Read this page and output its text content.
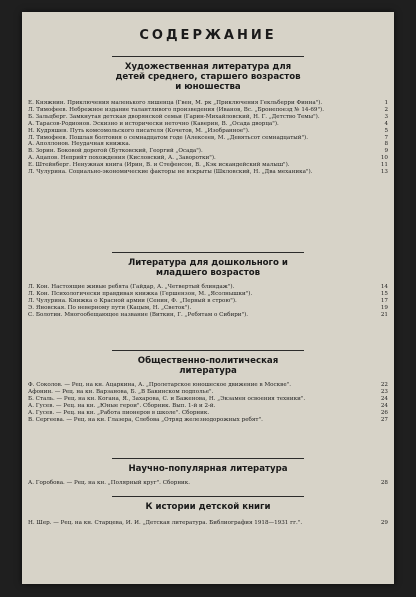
СОДЕРЖАНИЕ
Художественная литература для
детей среднего, старшего возрастов
и юношества
Е. Княжнин. Приключения маленького лишенца (Гвен, М. рк „Приключения Гекльберри Финна").	1
Л. Тимофеев. Небрежное издание талантливого произведения (Иванов, Вс. „Бронепоезд № 14-69").	2
Б. Зальцберг. Замкнутая детская дворянской семьи (Гарин-Михайловский, Н. Г. „Детство Темы").	3
А. Тарасов-Родионов. Эскизно и исторически неточно (Каверин, В. „Осада дворца").	4
Н. Кудряшев. Путь комсомольского писателя (Кочетов, М. „Изобранное").	5
Л. Тимофеев. Пошлая болтовня о семнадцатом годе (Алексеев, М. „Девятьсот семнадцатый").	7
А. Аполлонов. Неудачная книжка.	8
В. Зорин. Боковой дорогой (Бутковский, Георгий „Осада").	9
А. Ацапов. Неприйт похождения (Кисловский, А. „Заворотки").	10
Е. Штейнберг. Ненужная книга (Ирин, В. и Стефенсон, В. „Кэк искандейский малыш").	11
Л. Чулурина. Социально-экономические факторы не вскрыты (Шкловский, Н. „Два механика").	13
Литература для дошкольного и
младшего возрастов
Л. Кон. Настоящие живые ребята (Гайдар, А. „Четвертый блиндаж").	14
Л. Кон. Психологически правдивая книжка (Гершензон, М. „Ясолнышки").	15
Л. Чулурина. Книжка о Красной армии (Сенин, Ф. „Первый в строю").	17
Э. Яновская. По неверному пути (Кацым, Н. „Светок").	19
С. Болотин. Многообещающее название (Виткин, Г. „Ребятам о Сибири").	21
Общественно-политическая
литература
Ф. Соколов. — Рец. на кн. Ацаркина, А. „Пролетарское юношеское движение в Москве".	22
Афонин. — Рец. на кн. Варзанова, Б. „В Бакинском подполье".	23
Б. Сталь. — Рец. на кн. Когана, Я., Захарова, С. и Баженова, Н. „Экзамен освоения техники".	24
А. Гусев. — Рец. на кн. „Юные герои". Сборник. Вып. 1-й и 2-й.	24
А. Гусев. — Рец. на кн. „Работа пионеров в школе". Сборник.	26
В. Сергеева. — Рец. на кн. Глазера, Слебова „Отряд железнодорожных ребят".	27
Научно-популярная литература
А. Горобова. — Рец. на кн. „Полярный круг". Сборник.	28
К истории детской книги
Н. Шер. — Рец. на кн. Старцева, И. И. „Детская литература. Библиография 1918—1931 гг.".	29
